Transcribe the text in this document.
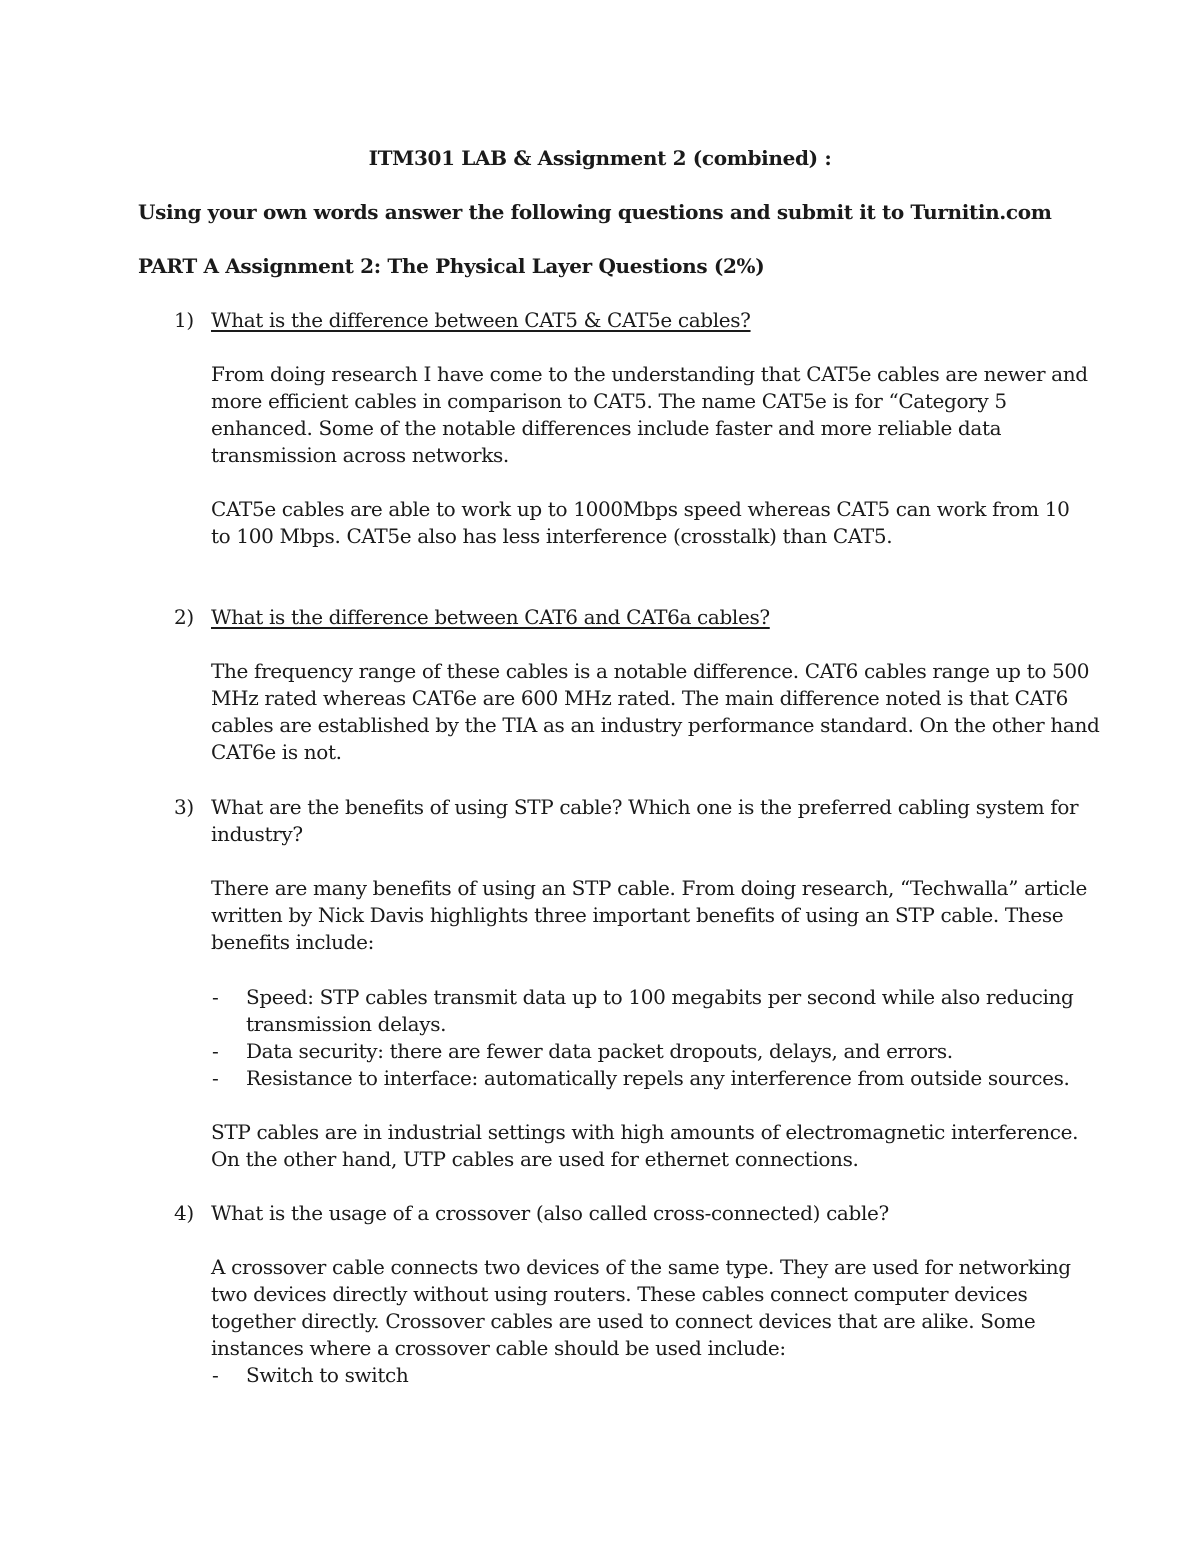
ITM301 LAB & Assignment 2 (combined) :

Using your own words answer the following questions and submit it to Turnitin.com

PART A Assignment 2: The Physical Layer Questions (2%)

1) What is the difference between CAT5 & CAT5e cables?

From doing research I have come to the understanding that CAT5e cables are newer and

more efficient cables in comparison to CAT5. The name CAT5e is for “Category 5

enhanced. Some of the notable differences include faster and more reliable data

transmission across networks.

CAT5e cables are able to work up to 1000Mbps speed whereas CAT5 can work from 10

to 100 Mbps. CAT5e also has less interference (crosstalk) than CAT5.

2) What is the difference between CAT6 and CAT6a cables?

The frequency range of these cables is a notable difference. CAT6 cables range up to 500

MHz rated whereas CAT6e are 600 MHz rated. The main difference noted is that CAT6

cables are established by the TIA as an industry performance standard. On the other hand

CAT6e is not.

3) What are the benefits of using STP cable? Which one is the preferred cabling system for

industry?

There are many benefits of using an STP cable. From doing research, “Techwalla” article

written by Nick Davis highlights three important benefits of using an STP cable. These

benefits include:

- Speed: STP cables transmit data up to 100 megabits per second while also reducing

transmission delays.

- Data security: there are fewer data packet dropouts, delays, and errors.

- Resistance to interface: automatically repels any interference from outside sources.

STP cables are in industrial settings with high amounts of electromagnetic interference.

On the other hand, UTP cables are used for ethernet connections.

4) What is the usage of a crossover (also called cross-connected) cable?

A crossover cable connects two devices of the same type. They are used for networking

two devices directly without using routers. These cables connect computer devices

together directly. Crossover cables are used to connect devices that are alike. Some

instances where a crossover cable should be used include:

- Switch to switch
